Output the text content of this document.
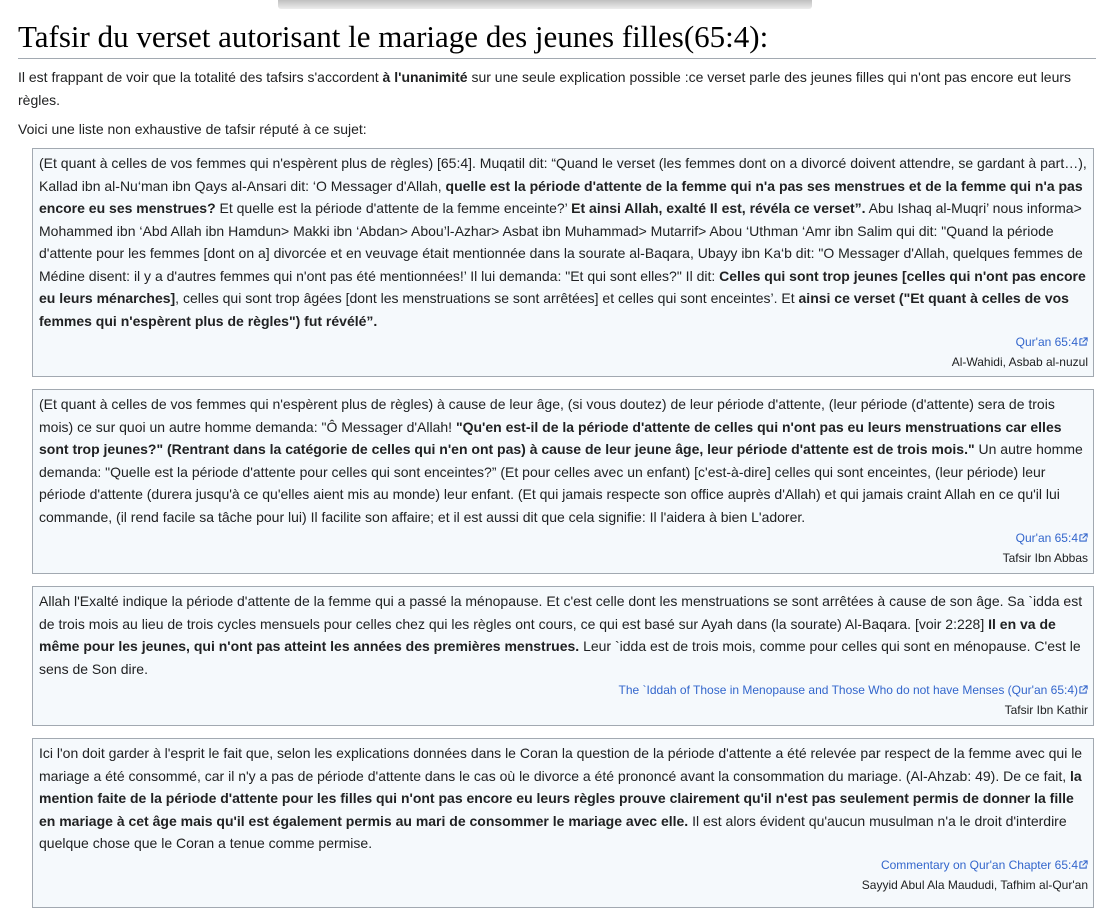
Tafsir du verset autorisant le mariage des jeunes filles(65:4):

Il est frappant de voir que la totalité des tafsirs s'accordent à l'unanimité sur une seule explication possible :ce verset parle des jeunes filles qui n'ont pas encore eut leurs règles.

Voici une liste non exhaustive de tafsir réputé à ce sujet:

(Et quant à celles de vos femmes qui n'espèrent plus de règles) [65:4]. Muqatil dit: “Quand le verset (les femmes dont on a divorcé doivent attendre, se gardant à part…), Kallad ibn al-Nu‘man ibn Qays al-Ansari dit: ‘O Messager d'Allah, quelle est la période d'attente de la femme qui n'a pas ses menstrues et de la femme qui n'a pas encore eu ses menstrues? Et quelle est la période d'attente de la femme enceinte?’ Et ainsi Allah, exalté Il est, révéla ce verset”. Abu Ishaq al-Muqri’ nous informa> Mohammed ibn ‘Abd Allah ibn Hamdun> Makki ibn ‘Abdan> Abou’l-Azhar> Asbat ibn Muhammad> Mutarrif> Abou ‘Uthman ‘Amr ibn Salim qui dit: "Quand la période d'attente pour les femmes [dont on a] divorcée et en veuvage était mentionnée dans la sourate al-Baqara, Ubayy ibn Ka‘b dit: "O Messager d'Allah, quelques femmes de Médine disent: il y a d'autres femmes qui n'ont pas été mentionnées!’ Il lui demanda: "Et qui sont elles?" Il dit: Celles qui sont trop jeunes [celles qui n'ont pas encore eu leurs ménarches], celles qui sont trop âgées [dont les menstruations se sont arrêtées] et celles qui sont enceintes’. Et ainsi ce verset ("Et quant à celles de vos femmes qui n'espèrent plus de règles") fut révélé”.
Qur'an 65:4
Al-Wahidi, Asbab al-nuzul
(Et quant à celles de vos femmes qui n'espèrent plus de règles) à cause de leur âge, (si vous doutez) de leur période d'attente, (leur période (d'attente) sera de trois mois) ce sur quoi un autre homme demanda: "Ô Messager d'Allah! "Qu'en est-il de la période d'attente de celles qui n'ont pas eu leurs menstruations car elles sont trop jeunes?" (Rentrant dans la catégorie de celles qui n'en ont pas) à cause de leur jeune âge, leur période d'attente est de trois mois." Un autre homme demanda: "Quelle est la période d'attente pour celles qui sont enceintes?” (Et pour celles avec un enfant) [c'est-à-dire] celles qui sont enceintes, (leur période) leur période d'attente (durera jusqu'à ce qu'elles aient mis au monde) leur enfant. (Et qui jamais respecte son office auprès d'Allah) et qui jamais craint Allah en ce qu'il lui commande, (il rend facile sa tâche pour lui) Il facilite son affaire; et il est aussi dit que cela signifie: Il l'aidera à bien L'adorer.
Qur'an 65:4
Tafsir Ibn Abbas
Allah l'Exalté indique la période d'attente de la femme qui a passé la ménopause. Et c'est celle dont les menstruations se sont arrêtées à cause de son âge. Sa `idda est de trois mois au lieu de trois cycles mensuels pour celles chez qui les règles ont cours, ce qui est basé sur Ayah dans (la sourate) Al-Baqara. [voir 2:228] Il en va de même pour les jeunes, qui n'ont pas atteint les années des premières menstrues. Leur `idda est de trois mois, comme pour celles qui sont en ménopause. C'est le sens de Son dire.
The `Iddah of Those in Menopause and Those Who do not have Menses (Qur'an 65:4)
Tafsir Ibn Kathir
Ici l'on doit garder à l'esprit le fait que, selon les explications données dans le Coran la question de la période d'attente a été relevée par respect de la femme avec qui le mariage a été consommé, car il n'y a pas de période d'attente dans le cas où le divorce a été prononcé avant la consommation du mariage. (Al-Ahzab: 49). De ce fait, la mention faite de la période d'attente pour les filles qui n'ont pas encore eu leurs règles prouve clairement qu'il n'est pas seulement permis de donner la fille en mariage à cet âge mais qu'il est également permis au mari de consommer le mariage avec elle. Il est alors évident qu'aucun musulman n'a le droit d'interdire quelque chose que le Coran a tenue comme permise.
Commentary on Qur'an Chapter 65:4
Sayyid Abul Ala Maududi, Tafhim al-Qur'an
